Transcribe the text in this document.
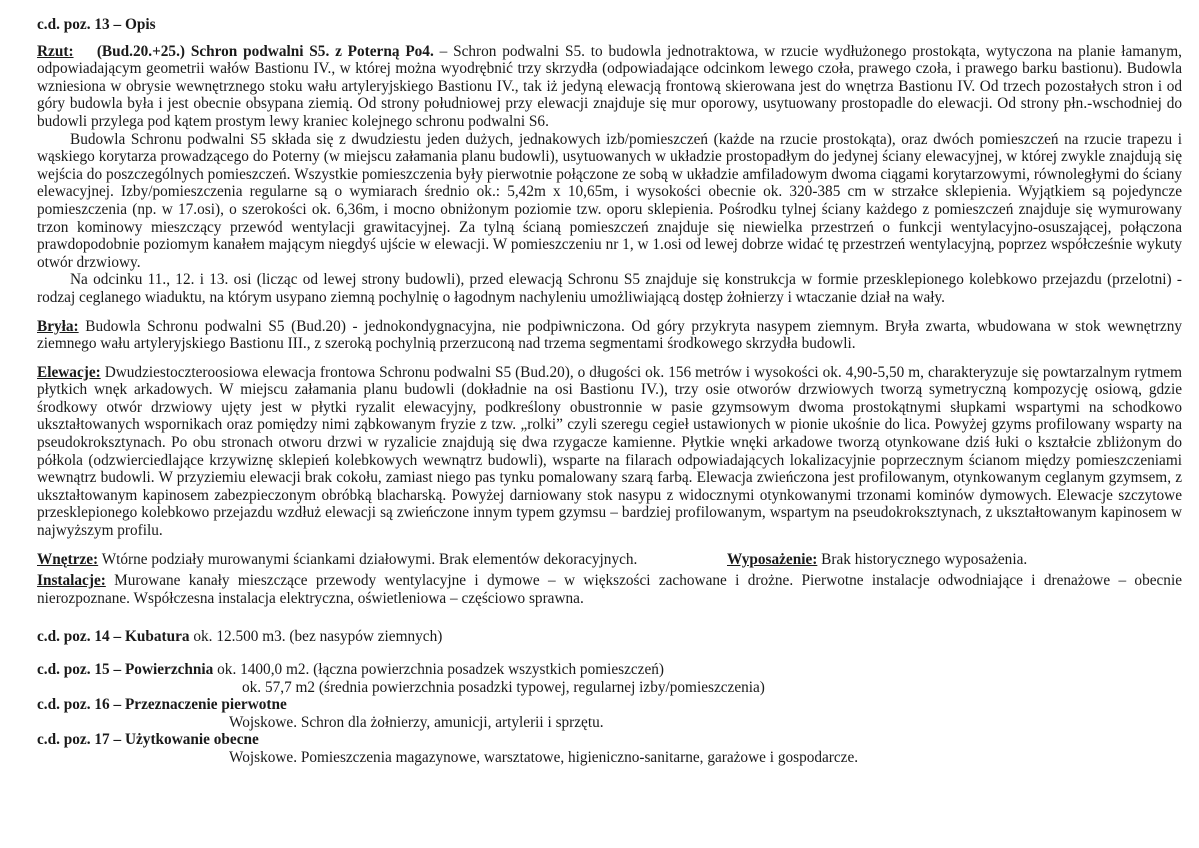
c.d. poz. 13 – Opis

Rzut: (Bud.20.+25.) Schron podwalni S5. z Poterną Po4. – Schron podwalni S5. to budowla jednotraktowa, w rzucie wydłużonego prostokąta, wytyczona na planie łamanym, odpowiadającym geometrii wałów Bastionu IV., w której można wyodrębnić trzy skrzydła (odpowiadające odcinkom lewego czoła, prawego czoła, i prawego barku bastionu). Budowla wzniesiona w obrysie wewnętrznego stoku wału artyleryjskiego Bastionu IV., tak iż jedyną elewacją frontową skierowana jest do wnętrza Bastionu IV. Od trzech pozostałych stron i od góry budowla była i jest obecnie obsypana ziemią. Od strony południowej przy elewacji znajduje się mur oporowy, usytuowany prostopadle do elewacji. Od strony płn.-wschodniej do budowli przylega pod kątem prostym lewy kraniec kolejnego schronu podwalni S6.

Budowla Schronu podwalni S5 składa się z dwudziestu jeden dużych, jednakowych izb/pomieszczeń (każde na rzucie prostokąta), oraz dwóch pomieszczeń na rzucie trapezu i wąskiego korytarza prowadzącego do Poterny (w miejscu załamania planu budowli), usytuowanych w układzie prostopadłym do jedynej ściany elewacyjnej, w której zwykle znajdują się wejścia do poszczególnych pomieszczeń. Wszystkie pomieszczenia były pierwotnie połączone ze sobą w układzie amfiladowym dwoma ciągami korytarzowymi, równoległymi do ściany elewacyjnej. Izby/pomieszczenia regularne są o wymiarach średnio ok.: 5,42m x 10,65m, i wysokości obecnie ok. 320-385 cm w strzałce sklepienia. Wyjątkiem są pojedyncze pomieszczenia (np. w 17.osi), o szerokości ok. 6,36m, i mocno obniżonym poziomie tzw. oporu sklepienia. Pośrodku tylnej ściany każdego z pomieszczeń znajduje się wymurowany trzon kominowy mieszczący przewód wentylacji grawitacyjnej. Za tylną ścianą pomieszczeń znajduje się niewielka przestrzeń o funkcji wentylacyjno-osuszającej, połączona prawdopodobnie poziomym kanałem mającym niegdyś ujście w elewacji. W pomieszczeniu nr 1, w 1.osi od lewej dobrze widać tę przestrzeń wentylacyjną, poprzez współcześnie wykuty otwór drzwiowy.

Na odcinku 11., 12. i 13. osi (licząc od lewej strony budowli), przed elewacją Schronu S5 znajduje się konstrukcja w formie przesklepionego kolebkowo przejazdu (przelotni) - rodzaj ceglanego wiaduktu, na którym usypano ziemną pochylnię o łagodnym nachyleniu umożliwiającą dostęp żołnierzy i wtaczanie dział na wały.

Bryła: Budowla Schronu podwalni S5 (Bud.20) - jednokondygnacyjna, nie podpiwniczona. Od góry przykryta nasypem ziemnym. Bryła zwarta, wbudowana w stok wewnętrzny ziemnego wału artyleryjskiego Bastionu III., z szeroką pochylnią przerzuconą nad trzema segmentami środkowego skrzydła budowli.

Elewacje: Dwudziestoczteroosiowa elewacja frontowa Schronu podwalni S5 (Bud.20), o długości ok. 156 metrów i wysokości ok. 4,90-5,50 m, charakteryzuje się powtarzalnym rytmem płytkich wnęk arkadowych. W miejscu załamania planu budowli (dokładnie na osi Bastionu IV.), trzy osie otworów drzwiowych tworzą symetryczną kompozycję osiową, gdzie środkowy otwór drzwiowy ujęty jest w płytki ryzalit elewacyjny, podkreślony obustronnie w pasie gzymsowym dwoma prostokątnymi słupkami wspartymi na schodkowo ukształtowanych wspornikach oraz pomiędzy nimi ząbkowanym fryzie z tzw. „rolki” czyli szeregu cegieł ustawionych w pionie ukośnie do lica. Powyżej gzyms profilowany wsparty na pseudokroksztynach. Po obu stronach otworu drzwi w ryzalicie znajdują się dwa rzygacze kamienne. Płytkie wnęki arkadowe tworzą otynkowane dziś łuki o kształcie zbliżonym do półkola (odzwierciedlające krzywiznę sklepień kolebkowych wewnątrz budowli), wsparte na filarach odpowiadających lokalizacyjnie poprzecznym ścianom między pomieszczeniami wewnątrz budowli. W przyziemiu elewacji brak cokołu, zamiast niego pas tynku pomalowany szarą farbą. Elewacja zwieńczona jest profilowanym, otynkowanym ceglanym gzymsem, z ukształtowanym kapinosem zabezpieczonym obróbką blacharską. Powyżej darniowany stok nasypu z widocznymi otynkowanymi trzonami kominów dymowych. Elewacje szczytowe przesklepionego kolebkowo przejazdu wzdłuż elewacji są zwieńczone innym typem gzymsu – bardziej profilowanym, wspartym na pseudokroksztynach, z ukształtowanym kapinosem w najwyższym profilu.

Wnętrze: Wtórne podziały murowanymi ściankami działowymi. Brak elementów dekoracyjnych.	Wyposażenie: Brak historycznego wyposażenia.

Instalacje: Murowane kanały mieszczące przewody wentylacyjne i dymowe – w większości zachowane i drożne. Pierwotne instalacje odwodniające i drenażowe – obecnie nierozpoznane. Współczesna instalacja elektryczna, oświetleniowa – częściowo sprawna.

c.d. poz. 14 – Kubatura ok. 12.500 m3. (bez nasypów ziemnych)
c.d. poz. 15 – Powierzchnia ok. 1400,0 m2. (łączna powierzchnia posadzek wszystkich pomieszczeń)
ok. 57,7 m2 (średnia powierzchnia posadzki typowej, regularnej izby/pomieszczenia)
c.d. poz. 16 – Przeznaczenie pierwotne
Wojskowe. Schron dla żołnierzy, amunicji, artylerii i sprzętu.
c.d. poz. 17 – Użytkowanie obecne
Wojskowe. Pomieszczenia magazynowe, warsztatowe, higieniczno-sanitarne, garażowe i gospodarcze.
